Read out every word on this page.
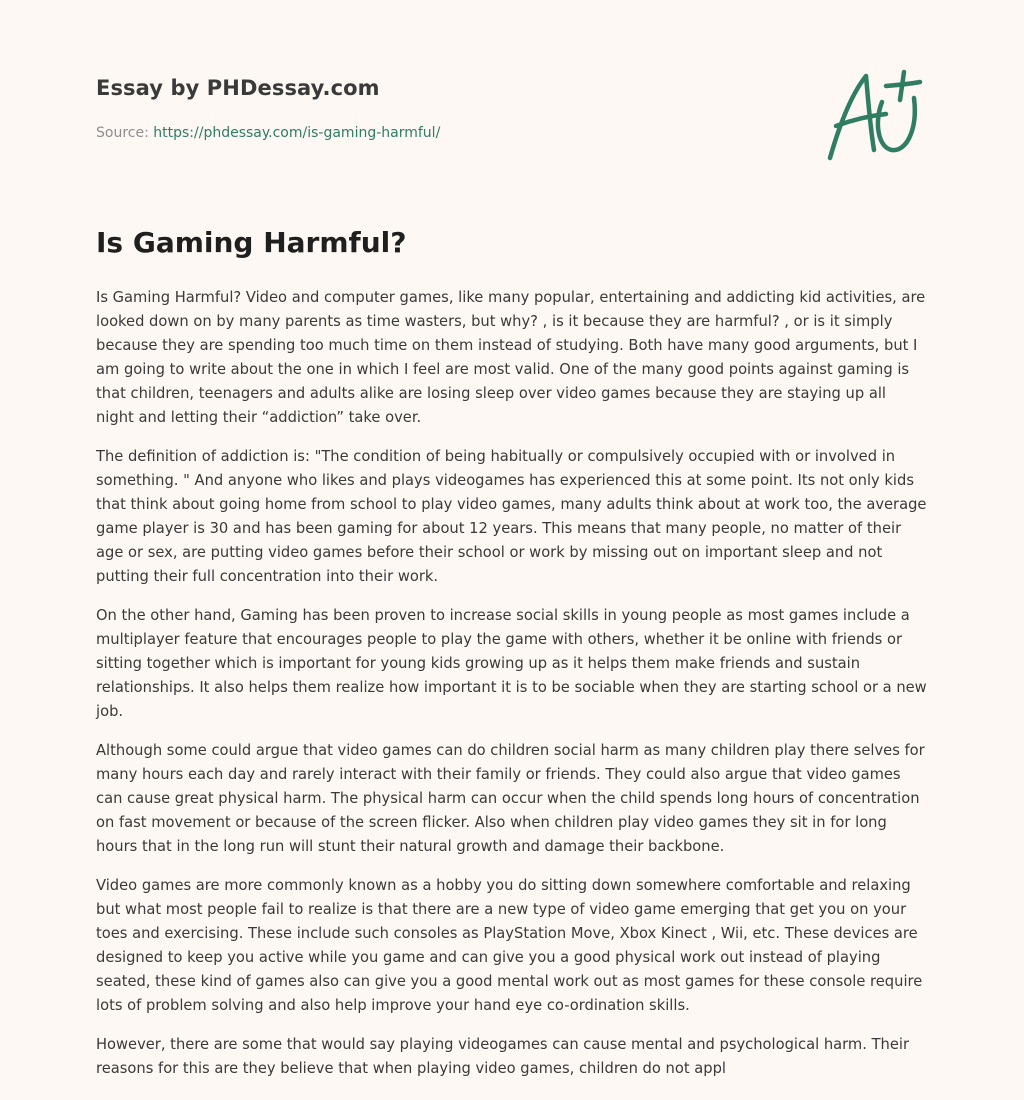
Essay by PHDessay.com
Source: https://phdessay.com/is-gaming-harmful/
Is Gaming Harmful?

Is Gaming Harmful? Video and computer games, like many popular, entertaining and addicting kid activities, are looked down on by many parents as time wasters, but why? , is it because they are harmful? , or is it simply because they are spending too much time on them instead of studying. Both have many good arguments, but I am going to write about the one in which I feel are most valid. One of the many good points against gaming is that children, teenagers and adults alike are losing sleep over video games because they are staying up all night and letting their “addiction” take over.

The definition of addiction is: "The condition of being habitually or compulsively occupied with or involved in something. " And anyone who likes and plays videogames has experienced this at some point. Its not only kids that think about going home from school to play video games, many adults think about at work too, the average game player is 30 and has been gaming for about 12 years. This means that many people, no matter of their age or sex, are putting video games before their school or work by missing out on important sleep and not putting their full concentration into their work.

On the other hand, Gaming has been proven to increase social skills in young people as most games include a multiplayer feature that encourages people to play the game with others, whether it be online with friends or sitting together which is important for young kids growing up as it helps them make friends and sustain relationships. It also helps them realize how important it is to be sociable when they are starting school or a new job.

Although some could argue that video games can do children social harm as many children play there selves for many hours each day and rarely interact with their family or friends. They could also argue that video games can cause great physical harm. The physical harm can occur when the child spends long hours of concentration on fast movement or because of the screen flicker. Also when children play video games they sit in for long hours that in the long run will stunt their natural growth and damage their backbone.

Video games are more commonly known as a hobby you do sitting down somewhere comfortable and relaxing but what most people fail to realize is that there are a new type of video game emerging that get you on your toes and exercising. These include such consoles as PlayStation Move, Xbox Kinect , Wii, etc. These devices are designed to keep you active while you game and can give you a good physical work out instead of playing seated, these kind of games also can give you a good mental work out as most games for these console require lots of problem solving and also help improve your hand eye co-ordination skills.

However, there are some that would say playing videogames can cause mental and psychological harm. Their reasons for this are they believe that when playing video games, children do not appl
